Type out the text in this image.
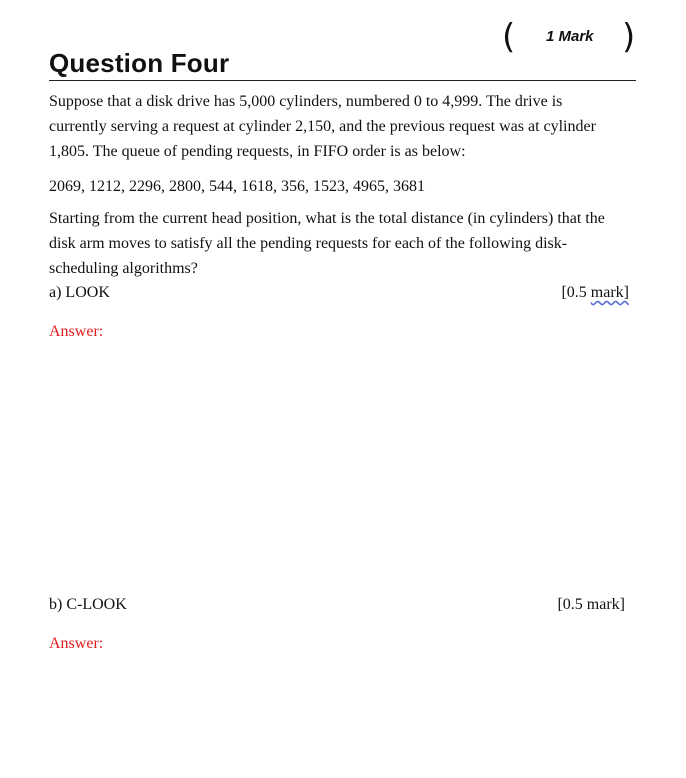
( 1 Mark )
Question Four
Suppose that a disk drive has 5,000 cylinders, numbered 0 to 4,999. The drive is
currently serving a request at cylinder 2,150, and the previous request was at cylinder
1,805. The queue of pending requests, in FIFO order is as below:
2069, 1212, 2296, 2800, 544, 1618, 356, 1523, 4965, 3681
Starting from the current head position, what is the total distance (in cylinders) that the
disk arm moves to satisfy all the pending requests for each of the following disk-
scheduling algorithms?
a) LOOK	[0.5 mark]
Answer:
b) C-LOOK	[0.5 mark]
Answer:
